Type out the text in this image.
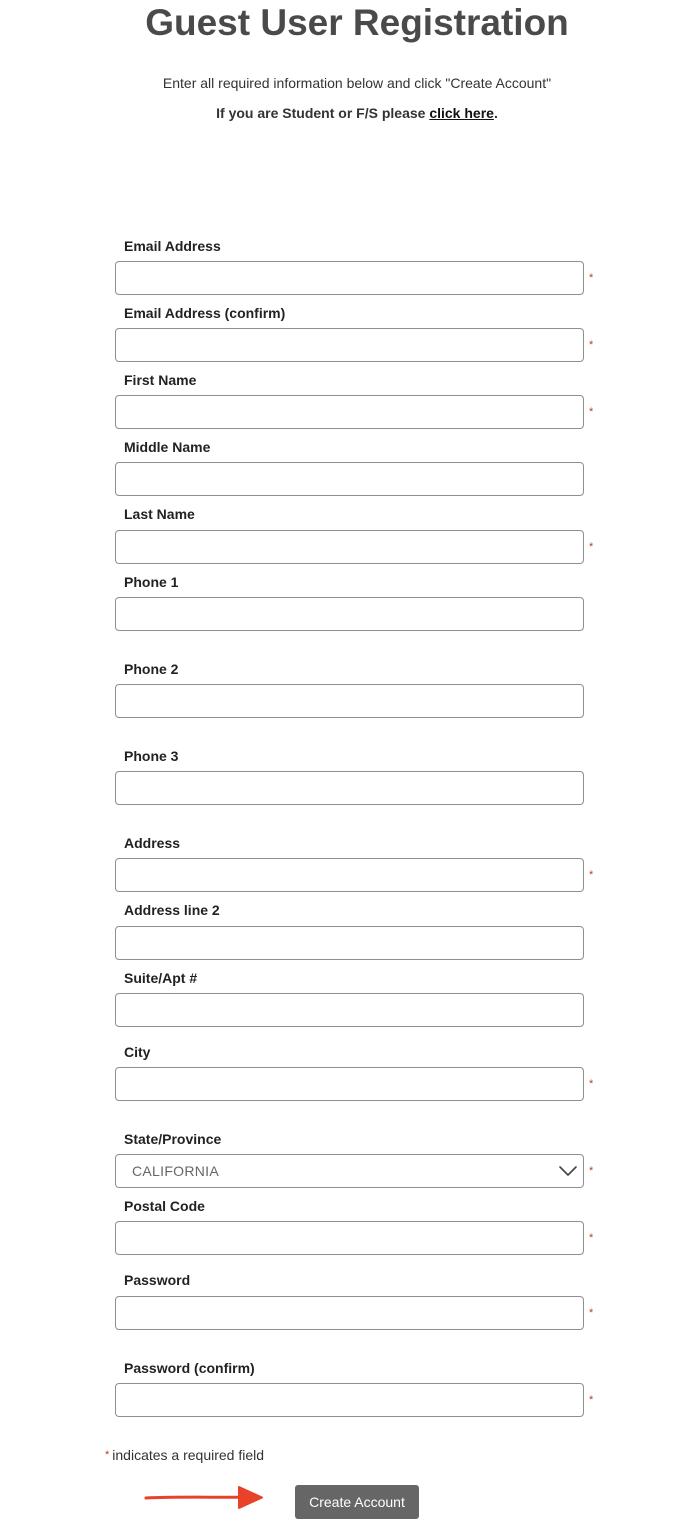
Guest User Registration
Enter all required information below and click "Create Account"
If you are Student or F/S please click here.
Email Address
*
Email Address (confirm)
*
First Name
*
Middle Name
Last Name
*
Phone 1
Phone 2
Phone 3
Address
*
Address line 2
Suite/Apt #
City
*
State/Province
CALIFORNIA	*
Postal Code
*
Password
*
Password (confirm)
*
* indicates a required field
Create Account
